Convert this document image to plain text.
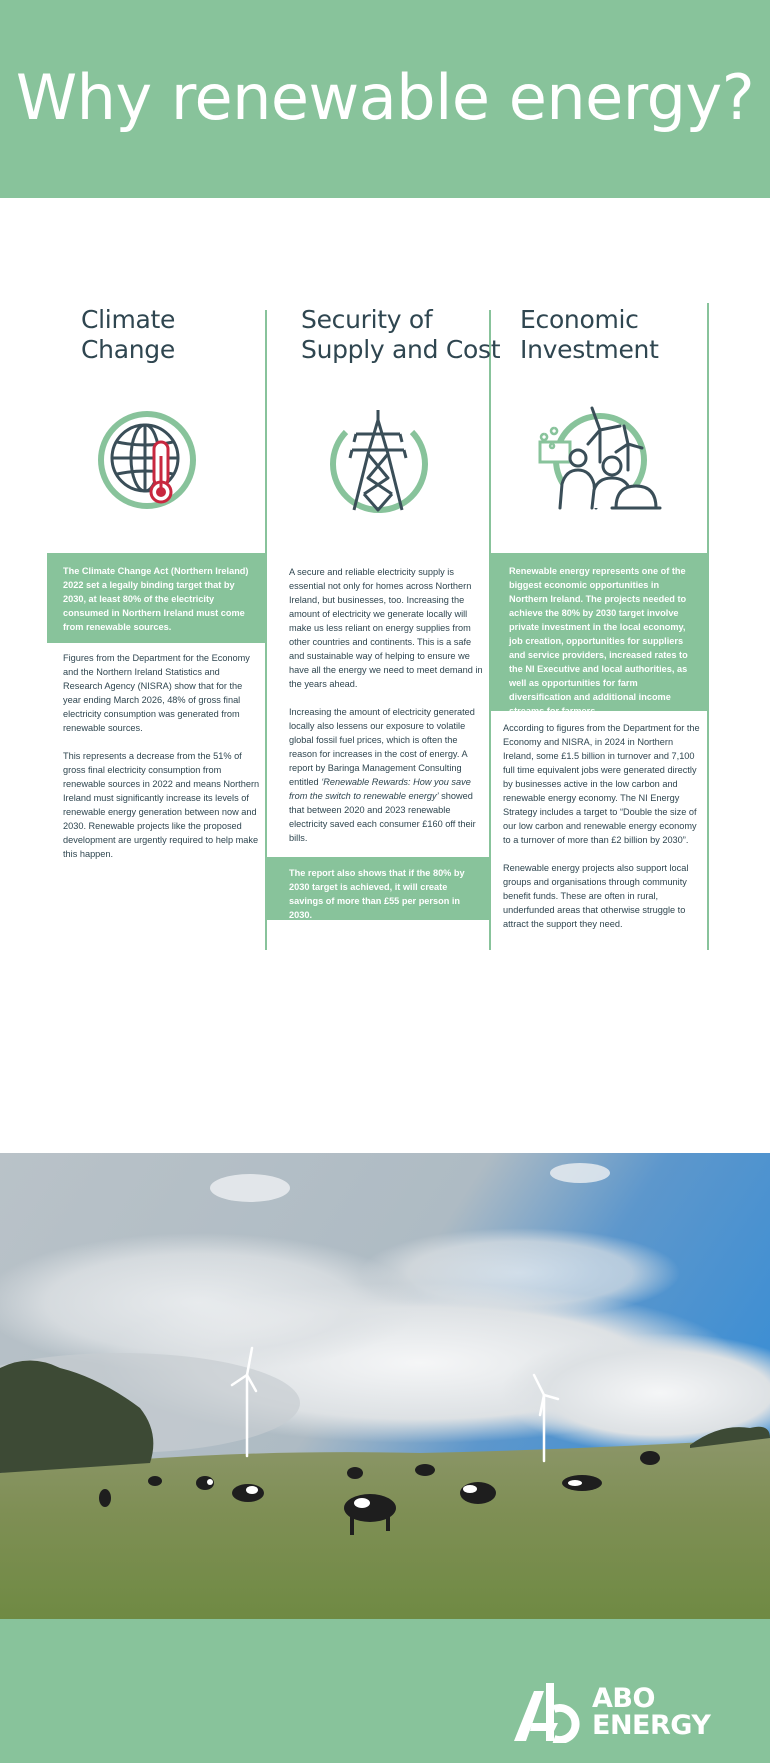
Why renewable energy?
Climate
Change

The Climate Change Act (Northern Ireland) 2022 set a legally binding target that by 2030, at least 80% of the electricity consumed in Northern Ireland must come from renewable sources.

Figures from the Department for the Economy and the Northern Ireland Statistics and Research Agency (NISRA) show that for the year ending March 2026, 48% of gross final electricity consumption was generated from renewable sources.

This represents a decrease from the 51% of gross final electricity consumption from renewable sources in 2022 and means Northern Ireland must significantly increase its levels of renewable energy generation between now and 2030. Renewable projects like the proposed development are urgently required to help make this happen.

Security of
Supply and Cost

A secure and reliable electricity supply is essential not only for homes across Northern Ireland, but businesses, too. Increasing the amount of electricity we generate locally will make us less reliant on energy supplies from other countries and continents. This is a safe and sustainable way of helping to ensure we have all the energy we need to meet demand in the years ahead.

Increasing the amount of electricity generated locally also lessens our exposure to volatile global fossil fuel prices, which is often the reason for increases in the cost of energy. A report by Baringa Management Consulting entitled ‘Renewable Rewards: How you save from the switch to renewable energy’ showed that between 2020 and 2023 renewable electricity saved each consumer £160 off their bills.

The report also shows that if the 80% by 2030 target is achieved, it will create savings of more than £55 per person in 2030.

Economic
Investment

Renewable energy represents one of the biggest economic opportunities in Northern Ireland. The projects needed to achieve the 80% by 2030 target involve private investment in the local economy, job creation, opportunities for suppliers and service providers, increased rates to the NI Executive and local authorities, as well as opportunities for farm diversification and additional income streams for farmers.

According to figures from the Department for the Economy and NISRA, in 2024 in Northern Ireland, some £1.5 billion in turnover and 7,100 full time equivalent jobs were generated directly by businesses active in the low carbon and renewable energy economy. The NI Energy Strategy includes a target to “Double the size of our low carbon and renewable energy economy to a turnover of more than £2 billion by 2030”.

Renewable energy projects also support local groups and organisations through community benefit funds. These are often in rural, underfunded areas that otherwise struggle to attract the support they need.

ABO
ENERGY
